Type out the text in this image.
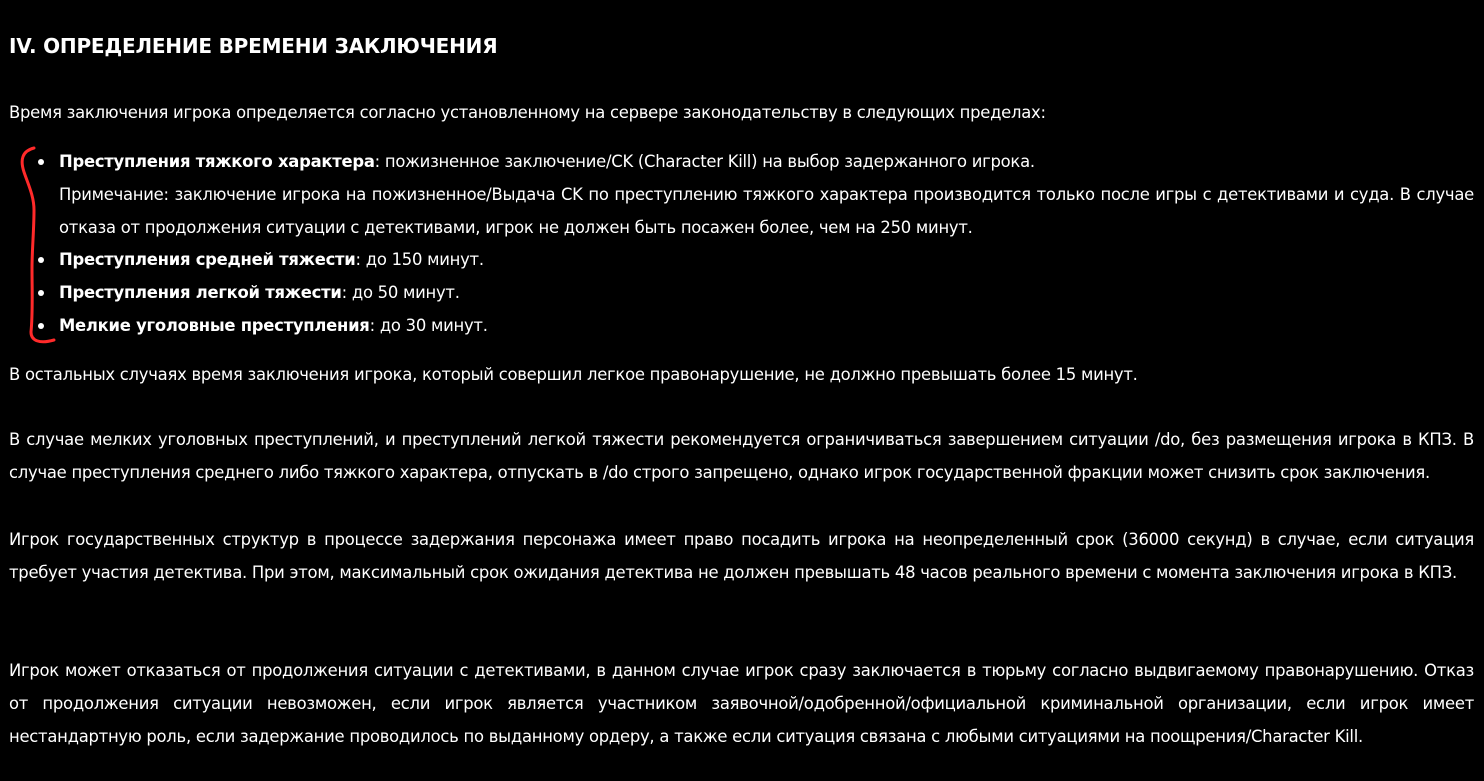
IV. ОПРЕДЕЛЕНИЕ ВРЕМЕНИ ЗАКЛЮЧЕНИЯ

Время заключения игрока определяется согласно установленному на сервере законодательству в следующих пределах:

Преступления тяжкого характера: пожизненное заключение/CK (Character Kill) на выбор задержанного игрока.
Примечание: заключение игрока на пожизненное/Выдача CK по преступлению тяжкого характера производится только после игры с детективами и суда. В случае отказа от продолжения ситуации с детективами, игрок не должен быть посажен более, чем на 250 минут.
Преступления средней тяжести: до 150 минут.
Преступления легкой тяжести: до 50 минут.
Мелкие уголовные преступления: до 30 минут.

В остальных случаях время заключения игрока, который совершил легкое правонарушение, не должно превышать более 15 минут.

В случае мелких уголовных преступлений, и преступлений легкой тяжести рекомендуется ограничиваться завершением ситуации /do, без размещения игрока в КПЗ. В случае преступления среднего либо тяжкого характера, отпускать в /do строго запрещено, однако игрок государственной фракции может снизить срок заключения.

Игрок государственных структур в процессе задержания персонажа имеет право посадить игрока на неопределенный срок (36000 секунд) в случае, если ситуация требует участия детектива. При этом, максимальный срок ожидания детектива не должен превышать 48 часов реального времени с момента заключения игрока в КПЗ.

Игрок может отказаться от продолжения ситуации с детективами, в данном случае игрок сразу заключается в тюрьму согласно выдвигаемому правонарушению. Отказ от продолжения ситуации невозможен, если игрок является участником заявочной/одобренной/официальной криминальной организации, если игрок имеет нестандартную роль, если задержание проводилось по выданному ордеру, а также если ситуация связана с любыми ситуациями на поощрения/Character Kill.
